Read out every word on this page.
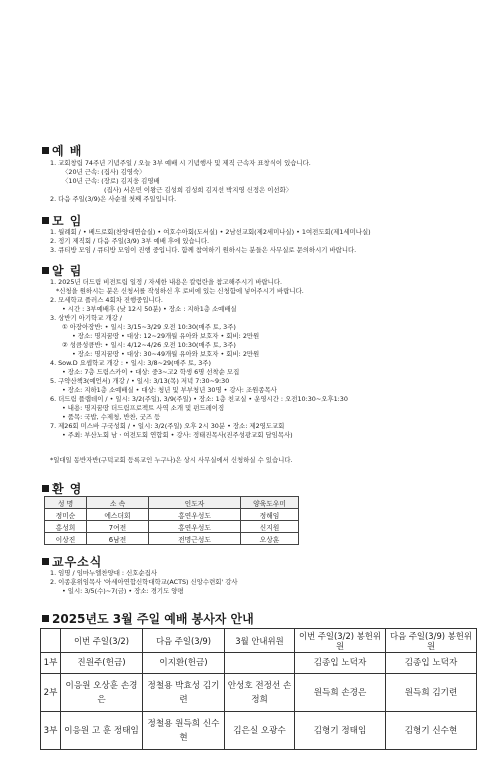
예 배
1. 교회창립 74주년 기념주일 / 오늘 3부 예배 시 기념행사 및 제직 근속자 표창식이 있습니다.
〈20년 근속: (집사) 김영숙〉
〈10년 근속: (장로) 김지웅 김영배
(집사) 서은민 이왕근 김성희 김성희 김지선 박지영 신정은 이선화〉
2. 다음 주일(3/9)은 사순절 첫째 주일입니다.
모 임
1. 월례회 / • 베드로회(찬양대연습실) • 여호수아회(도서실) • 2남선교회(제2세미나실) • 1여전도회(제1세미나실)
2. 정기 제직회 / 다음 주일(3/9) 3부 예배 후에 있습니다.
3. 큐티방 모임 / 큐티방 모임이 진행 중입니다. 함께 참여하기 원하시는 분들은 사무실로 문의하시기 바랍니다.
알 림
1. 2025년 더드림 비전트립 일정 / 자세한 내용은 칼럼란을 참고해주시기 바랍니다.
*신청을 원하시는 분은 신청서를 작성하신 후 로비에 있는 신청함에 넣어주시기 바랍니다.
2. 모세학교 플러스 4회차 진행중입니다.
• 시간 : 3부예배후 (낮 12시 50분) • 장소 : 지하1층 소예배실
3. 상반기 아기학교 개강 /
① 아장아장반: • 일시: 3/15~3/29 오전 10:30(매주 토, 3주)
• 장소: 명지꿈땅 • 대상: 12~29개월 유아와 보호자 • 회비: 2만원
② 성큼성큼반: • 일시: 4/12~4/26 오전 10:30(매주 토, 3주)
• 장소: 명지꿈땅 • 대상: 30~49개월 유아와 보호자 • 회비: 2만원
4. Sow.D 요셉학교 개강 : • 일시: 3/8~29(매주 토, 3주)
• 장소: 7층 드림스카이 • 대상: 중3~고2 학생 6명 선착순 모집
5. 구약산책3(예언서) 개강 / • 일시: 3/13(목) 저녁 7:30~9:30
• 장소: 지하1층 소예배실 • 대상: 청년 및 부부청년 30명 • 강사: 조원종목사
6. 더드림 플랩데이 / • 일시: 3/2(주일), 3/9(주일) • 장소: 1층 친교실 • 운영시간 : 오전10:30~오후1:30
• 내용: 명지꿈땅 더드림프로젝트 사역 소개 및 펀드레이징
• 품목: 국밥, 수제청, 반찬, 굿즈 등
7. 제26회 미스바 구국성회 / • 일시: 3/2(주일) 오후 2시 30분 • 장소: 제2영도교회
• 주최: 부산노회 남ㆍ여전도회 연합회 • 강사: 정태진목사(진주성광교회 담임목사)
*일대일 동반자반(구덕교회 등록교인 누구나)은 상시 사무실에서 신청하실 수 있습니다.
환 영
성 명	소 속	인도자	양육도우미
정미순	에스더회	홍연우성도	정해임
홍성희	7여전	홍연우성도	신지원
이상진	6남전	전명근성도	오상훈
교우소식
1. 임명 / 임마누엘찬양대 : 신호순집사
2. 이종훈위임목사 '아세아연합신학대학교(ACTS) 신앙수련회' 강사
• 일시: 3/5(수)~7(금) • 장소: 경기도 양평
2025년도 3월 주일 예배 봉사자 안내
	이번 주일(3/2)	다음 주일(3/9)	3월 안내위원	이번 주일(3/2) 봉헌위원	다음 주일(3/9) 봉헌위원
1부	진원주(헌금)	이지환(헌금)		김종입 노덕자	김종입 노덕자
2부	이응원 오상훈 손경은	정철용 박효성 김기련	안성호 전정선 손정희	원득희 손경은	원득희 김기련
3부	이응원 고 훈 정태임	정철용 원득희 신수현	김은실 오광수	김형기 정태임	김형기 신수현
